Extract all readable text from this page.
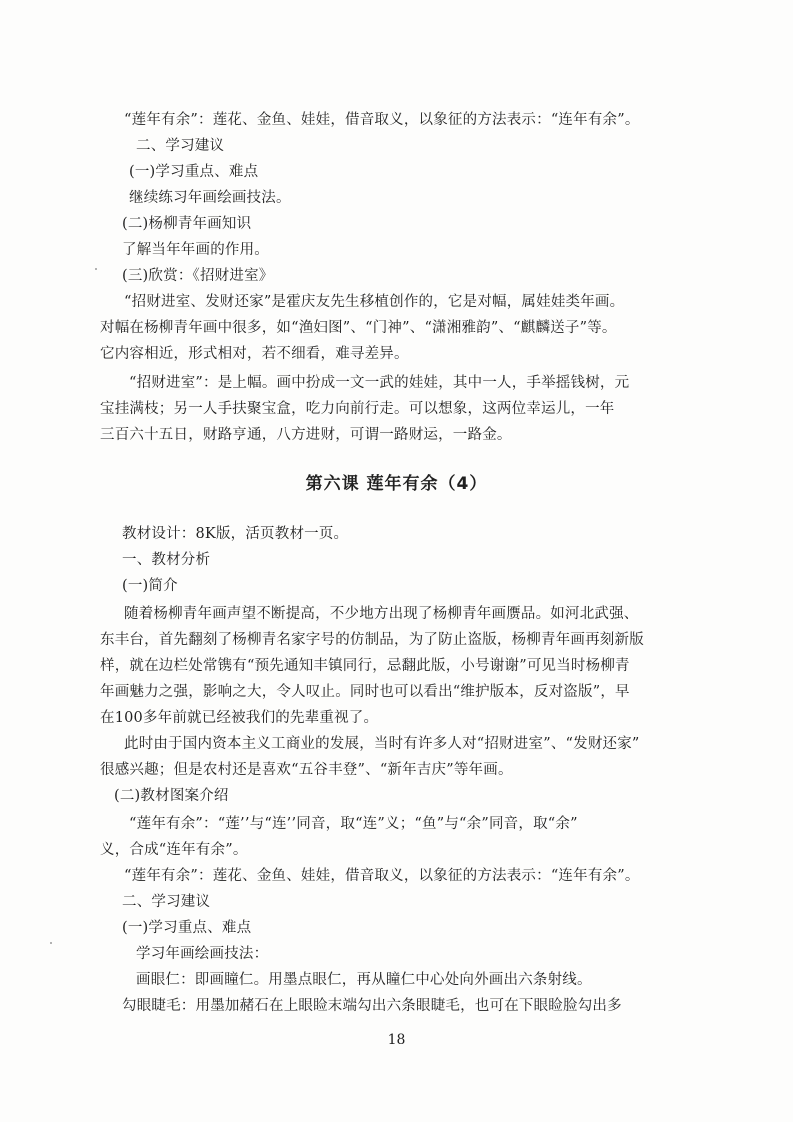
“莲年有余”：莲花、金鱼、娃娃，借音取义，以象征的方法表示：“连年有余”。
二、学习建议
(一)学习重点、难点
继续练习年画绘画技法。
(二)杨柳青年画知识
了解当年年画的作用。
(三)欣赏：《招财进室》
“招财进室、发财还家”是霍庆友先生移植创作的，它是对幅，属娃娃类年画。
对幅在杨柳青年画中很多，如“渔妇图”、“门神”、“潇湘雅韵”、“麒麟送子”等。
它内容相近，形式相对，若不细看，难寻差异。
“招财进室”：是上幅。画中扮成一文一武的娃娃，其中一人，手举摇钱树，元
宝挂满枝；另一人手扶聚宝盒，吃力向前行走。可以想象，这两位幸运儿，一年
三百六十五日，财路亨通，八方进财，可谓一路财运，一路金。
第六课 莲年有余（4）
教材设计：8K版，活页教材一页。
一、教材分析
(一)简介
随着杨柳青年画声望不断提高，不少地方出现了杨柳青年画赝品。如河北武强、
东丰台，首先翻刻了杨柳青名家字号的仿制品，为了防止盗版，杨柳青年画再刻新版
样，就在边栏处常镌有“预先通知丰镇同行，忌翻此版，小号谢谢”可见当时杨柳青
年画魅力之强，影响之大，令人叹止。同时也可以看出“维护版本，反对盗版”，早
在100多年前就已经被我们的先辈重视了。
此时由于国内资本主义工商业的发展，当时有许多人对“招财进室”、“发财还家”
很感兴趣；但是农村还是喜欢“五谷丰登”、“新年吉庆”等年画。
(二)教材图案介绍
“莲年有余”：“莲’’与“连’’同音，取“连”义；“鱼”与“余”同音，取“余”
义，合成“连年有余”。
“莲年有余”：莲花、金鱼、娃娃，借音取义，以象征的方法表示：“连年有余”。
二、学习建议
(一)学习重点、难点
学习年画绘画技法：
画眼仁：即画瞳仁。用墨点眼仁，再从瞳仁中心处向外画出六条射线。
勾眼睫毛：用墨加赭石在上眼睑末端勾出六条眼睫毛，也可在下眼睑脸勾出多
18
